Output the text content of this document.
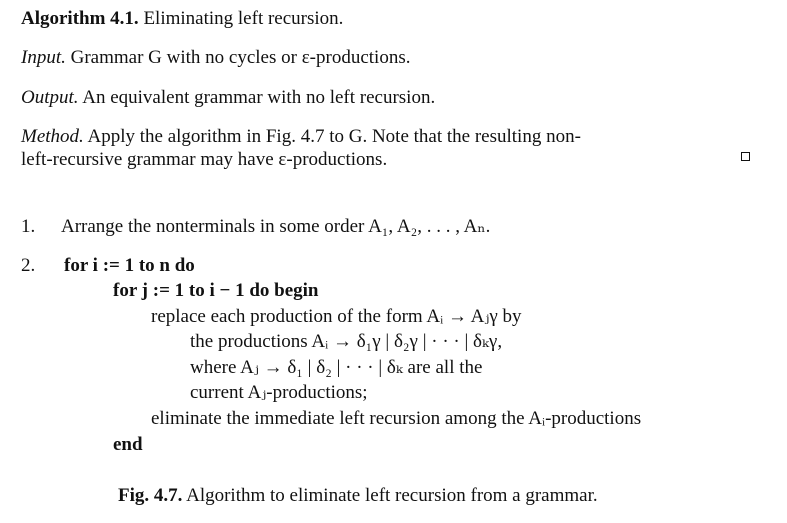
Algorithm 4.1. Eliminating left recursion.
Input. Grammar G with no cycles or ε-productions.
Output. An equivalent grammar with no left recursion.
Method. Apply the algorithm in Fig. 4.7 to G. Note that the resulting non-
left-recursive grammar may have ε-productions.
1. Arrange the nonterminals in some order A₁, A₂, . . . , Aₙ.
2. for i := 1 to n do
for j := 1 to i − 1 do begin
replace each production of the form Aᵢ → Aⱼγ by
the productions Aᵢ → δ₁γ | δ₂γ | · · · | δₖγ,
where Aⱼ → δ₁ | δ₂ | · · · | δₖ are all the
current Aⱼ-productions;
eliminate the immediate left recursion among the Aᵢ-productions
end
Fig. 4.7. Algorithm to eliminate left recursion from a grammar.
